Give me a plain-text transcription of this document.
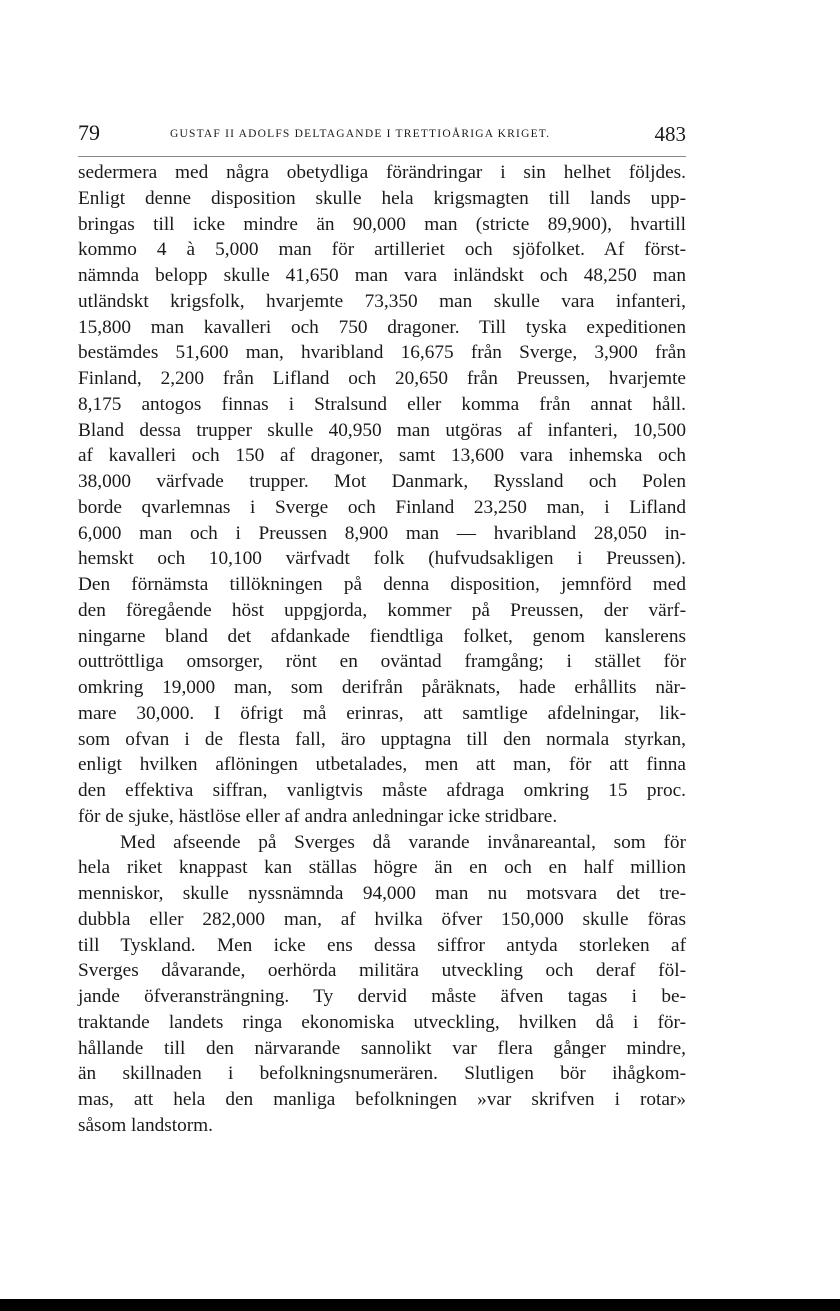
79	GUSTAF II ADOLFS DELTAGANDE I TRETTIOÅRIGA KRIGET.	483
sedermera med några obetydliga förändringar i sin helhet följdes.
Enligt denne disposition skulle hela krigsmagten till lands upp-
bringas till icke mindre än 90,000 man (stricte 89,900), hvartill
kommo 4 à 5,000 man för artilleriet och sjöfolket. Af först-
nämnda belopp skulle 41,650 man vara inländskt och 48,250 man
utländskt krigsfolk, hvarjemte 73,350 man skulle vara infanteri,
15,800 man kavalleri och 750 dragoner. Till tyska expeditionen
bestämdes 51,600 man, hvaribland 16,675 från Sverge, 3,900 från
Finland, 2,200 från Lifland och 20,650 från Preussen, hvarjemte
8,175 antogos finnas i Stralsund eller komma från annat håll.
Bland dessa trupper skulle 40,950 man utgöras af infanteri, 10,500
af kavalleri och 150 af dragoner, samt 13,600 vara inhemska och
38,000 värfvade trupper. Mot Danmark, Ryssland och Polen
borde qvarlemnas i Sverge och Finland 23,250 man, i Lifland
6,000 man och i Preussen 8,900 man — hvaribland 28,050 in-
hemskt och 10,100 värfvadt folk (hufvudsakligen i Preussen).
Den förnämsta tillökningen på denna disposition, jemnförd med
den föregående höst uppgjorda, kommer på Preussen, der värf-
ningarne bland det afdankade fiendtliga folket, genom kanslerens
outtröttliga omsorger, rönt en oväntad framgång; i stället för
omkring 19,000 man, som derifrån påräknats, hade erhållits när-
mare 30,000. I öfrigt må erinras, att samtlige afdelningar, lik-
som ofvan i de flesta fall, äro upptagna till den normala styrkan,
enligt hvilken aflöningen utbetalades, men att man, för att finna
den effektiva siffran, vanligtvis måste afdraga omkring 15 proc.
för de sjuke, hästlöse eller af andra anledningar icke stridbare.
Med afseende på Sverges då varande invånareantal, som för
hela riket knappast kan ställas högre än en och en half million
menniskor, skulle nyssnämnda 94,000 man nu motsvara det tre-
dubbla eller 282,000 man, af hvilka öfver 150,000 skulle föras
till Tyskland. Men icke ens dessa siffror antyda storleken af
Sverges dåvarande, oerhörda militära utveckling och deraf föl-
jande öfveransträngning. Ty dervid måste äfven tagas i be-
traktande landets ringa ekonomiska utveckling, hvilken då i för-
hållande till den närvarande sannolikt var flera gånger mindre,
än skillnaden i befolkningsnumerären. Slutligen bör ihågkom-
mas, att hela den manliga befolkningen »var skrifven i rotar»
såsom landstorm.
